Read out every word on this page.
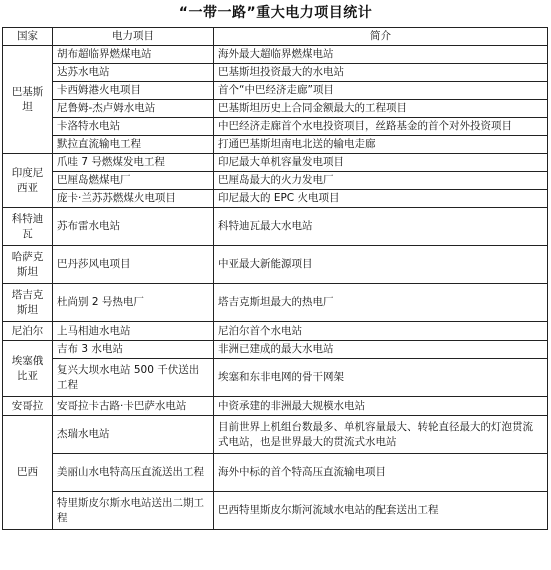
“一带一路”重大电力项目统计
国家	电力项目	简介
巴基斯坦	胡布超临界燃煤电站	海外最大超临界燃煤电站
	达苏水电站	巴基斯坦投资最大的水电站
	卡西姆港火电项目	首个“中巴经济走廊”项目
	尼鲁姆-杰卢姆水电站	巴基斯坦历史上合同金额最大的工程项目
	卡洛特水电站	中巴经济走廊首个水电投资项目，丝路基金的首个对外投资项目
	默拉直流输电工程	打通巴基斯坦南电北送的输电走廊
印度尼西亚	爪哇 7 号燃煤发电工程	印尼最大单机容量发电项目
	巴厘岛燃煤电厂	巴厘岛最大的火力发电厂
	庞卡·兰苏苏燃煤火电项目	印尼最大的 EPC 火电项目
科特迪瓦	苏布雷水电站	科特迪瓦最大水电站
哈萨克斯坦	巴丹莎风电项目	中亚最大新能源项目
塔吉克斯坦	杜尚别 2 号热电厂	塔吉克斯坦最大的热电厂
尼泊尔	上马相迪水电站	尼泊尔首个水电站
埃塞俄比亚	吉布 3 水电站	非洲已建成的最大水电站
	复兴大坝水电站 500 千伏送出工程	埃塞和东非电网的骨干网架
安哥拉	安哥拉卡古路·卡巴萨水电站	中资承建的非洲最大规模水电站
巴西	杰瑞水电站	目前世界上机组台数最多、单机容量最大、转轮直径最大的灯泡贯流式电站，也是世界最大的贯流式水电站
	美丽山水电特高压直流送出工程	海外中标的首个特高压直流输电项目
	特里斯皮尔斯水电站送出二期工程	巴西特里斯皮尔斯河流域水电站的配套送出工程
